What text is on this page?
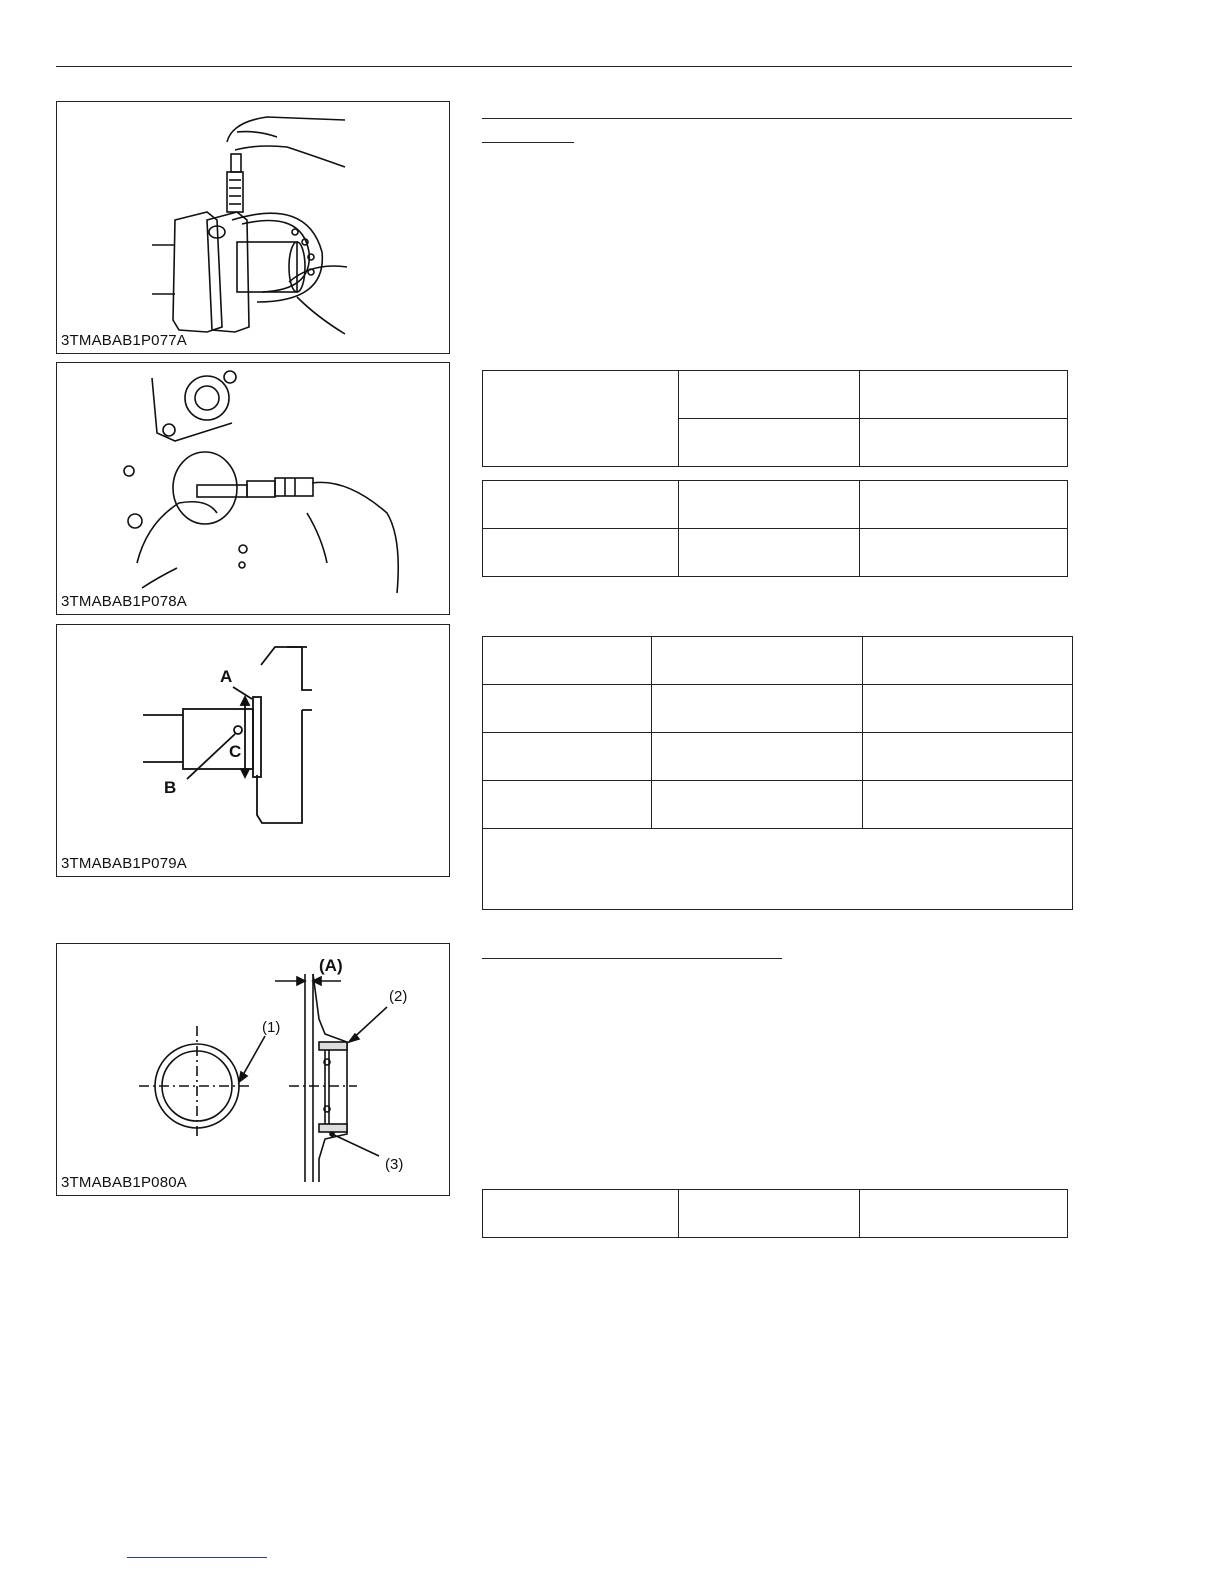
3TMABAB1P077A
3TMABAB1P078A
A
B
C
3TMABAB1P079A
(A)
(1)
(2)
(3)
3TMABAB1P080A
